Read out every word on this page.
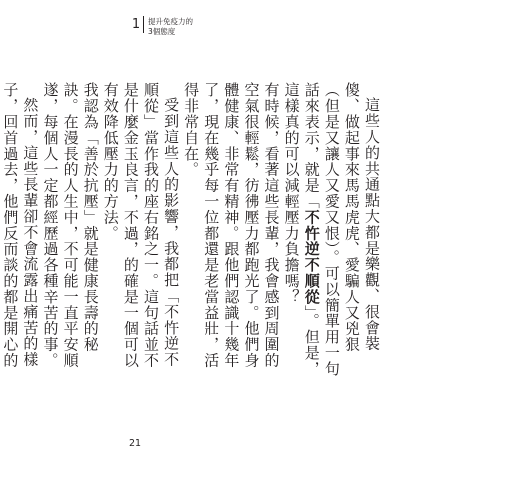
1 提升免疫力的
3個態度

這些人的共通點大都是樂觀、很會裝傻、做起事來馬馬虎虎、愛騙人又兇狠（但是又讓人又愛又恨）。可以簡單用一句話來表示，就是「不忤逆不順從」。但是，這樣真的可以減輕壓力負擔嗎？

有時候，看著這些長輩，我會感到周圍的空氣很輕鬆，彷彿壓力都跑光了。他們身體健康、非常有精神。跟他們認識十幾年了，現在幾乎每一位都還是老當益壯，活得非常自在。

受到這些人的影響，我都把「不忤逆不順從」當作我的座右銘之一。這句話並不是什麼金玉良言，不過，的確是一個可以有效降低壓力的方法。

我認為「善於抗壓」就是健康長壽的秘訣。在漫長的人生中，不可能一直平安順遂，每個人一定都經歷過各種辛苦的事。

然而，這些長輩卻不會流露出痛苦的樣子，回首過去，他們反而談的都是開心的

21
